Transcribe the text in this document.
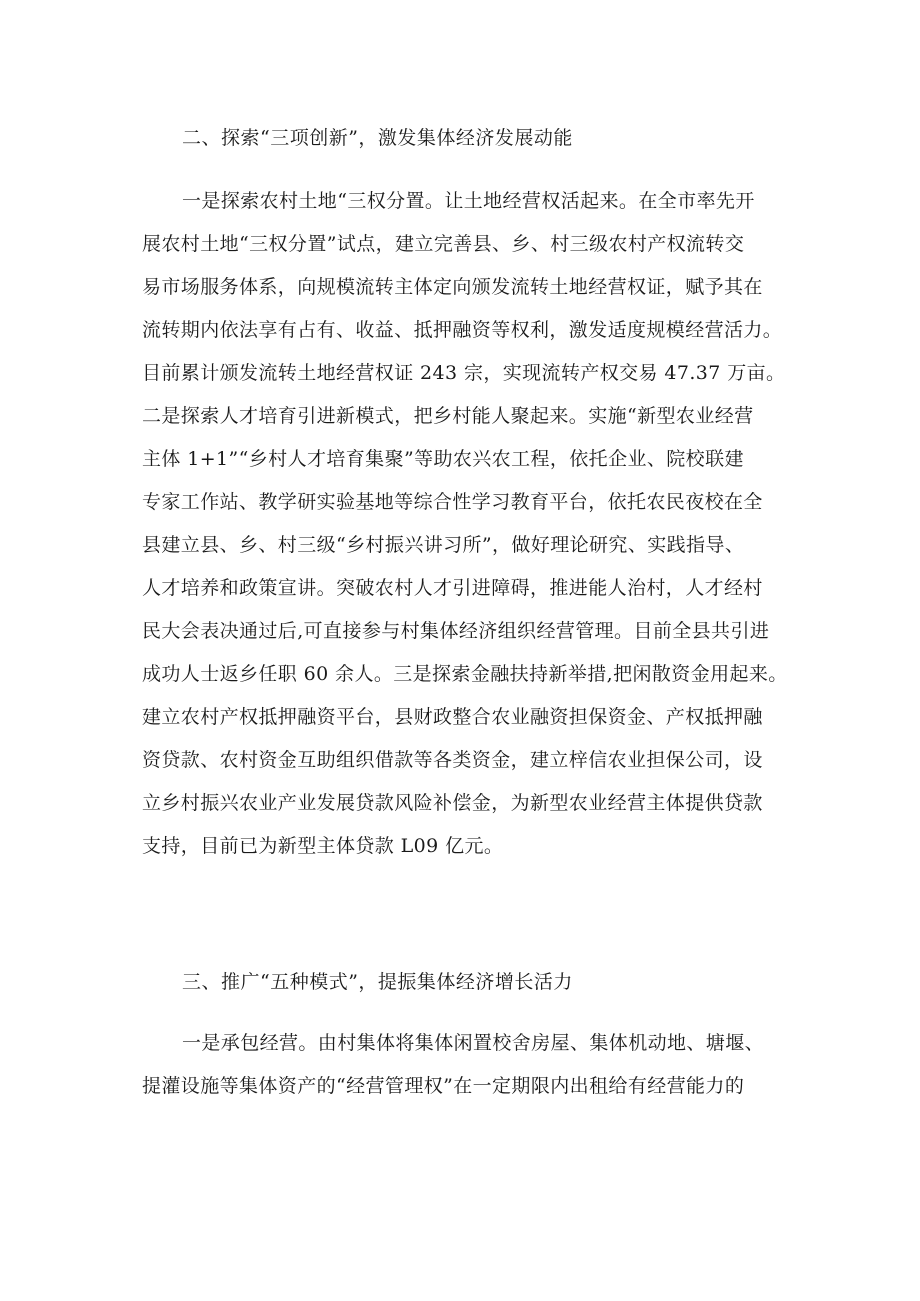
二、探索“三项创新”，激发集体经济发展动能
一是探索农村土地“三权分置。让土地经营权活起来。在全市率先开
展农村土地“三权分置”试点，建立完善县、乡、村三级农村产权流转交
易市场服务体系，向规模流转主体定向颁发流转土地经营权证，赋予其在
流转期内依法享有占有、收益、抵押融资等权利，激发适度规模经营活力。
目前累计颁发流转土地经营权证 243 宗，实现流转产权交易 47.37 万亩。
二是探索人才培育引进新模式，把乡村能人聚起来。实施“新型农业经营
主体 1+1”“乡村人才培育集聚”等助农兴农工程，依托企业、院校联建
专家工作站、教学研实验基地等综合性学习教育平台，依托农民夜校在全
县建立县、乡、村三级“乡村振兴讲习所”，做好理论研究、实践指导、
人才培养和政策宣讲。突破农村人才引进障碍，推进能人治村，人才经村
民大会表决通过后,可直接参与村集体经济组织经营管理。目前全县共引进
成功人士返乡任职 60 余人。三是探索金融扶持新举措,把闲散资金用起来。
建立农村产权抵押融资平台，县财政整合农业融资担保资金、产权抵押融
资贷款、农村资金互助组织借款等各类资金，建立梓信农业担保公司，设
立乡村振兴农业产业发展贷款风险补偿金，为新型农业经营主体提供贷款
支持，目前已为新型主体贷款 L09 亿元。
三、推广“五种模式”，提振集体经济增长活力
一是承包经营。由村集体将集体闲置校舍房屋、集体机动地、塘堰、
提灌设施等集体资产的“经营管理权”在一定期限内出租给有经营能力的
